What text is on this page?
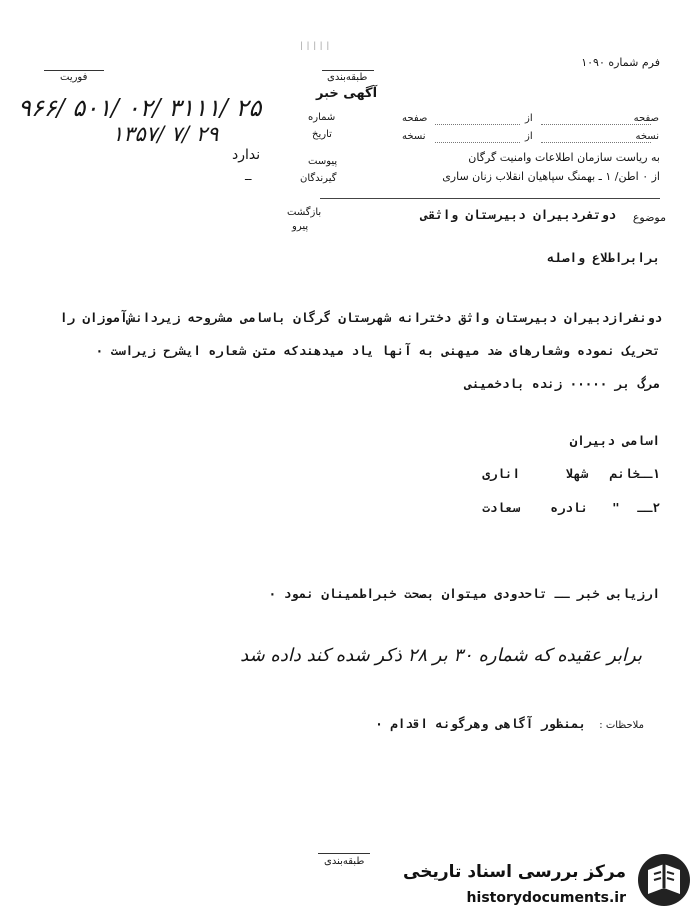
ا ا ا ا ا
فرم شماره ۱۰۹۰
فوریت	طبقه‌بندی
آگهی خبر
۹۶۶/ ۵۰۱/ ۰۲/ ۳۱۱۱/ ۲۵
۱۳۵۷/ ۷/ ۲۹
شماره
تاریخ
پیوست
ندارد
گیرندگان
ــ
بازگشت
پیرو
صفحه
از
صفحه
نسخه
از
نسخه
به ریاست سازمان اطلاعات وامنیت گرگان
از ۰ اطن/ ۱ ـ بهمنگ سپاهیان انقلاب زنان ساری
موضوع
دوتفردبیران دبیرستان واثقی
برابراطلاع واصله
دونفرازدبیران دبیرستان واثق دخترانه شهرستان گرگان باسامی مشروحه زیردانش‌آموزان را
تحریک نموده وشعارهای ضد میهنی به آنها یاد میدهندکه متن شعاره ایشرح زیراست ۰
مرگ بر ۰۰۰۰۰ زنده بادخمینی
اسامی دبیران
۱ــ
خانم
شهلا
اناری
۲ــ
"
نادره
سعادت
ارزیابی خبر ــ تاحدودی میتوان بصحت خبراطمینان نمود ۰
برابر عقیده که شماره ۳۰ بر ۲۸ ذکر شده کند داده شد
ملاحظات :
بمنظور آگاهی وهرگونه اقدام ۰
طبقه‌بندی
مرکز بررسی اسناد تاریخی
historydocuments.ir
